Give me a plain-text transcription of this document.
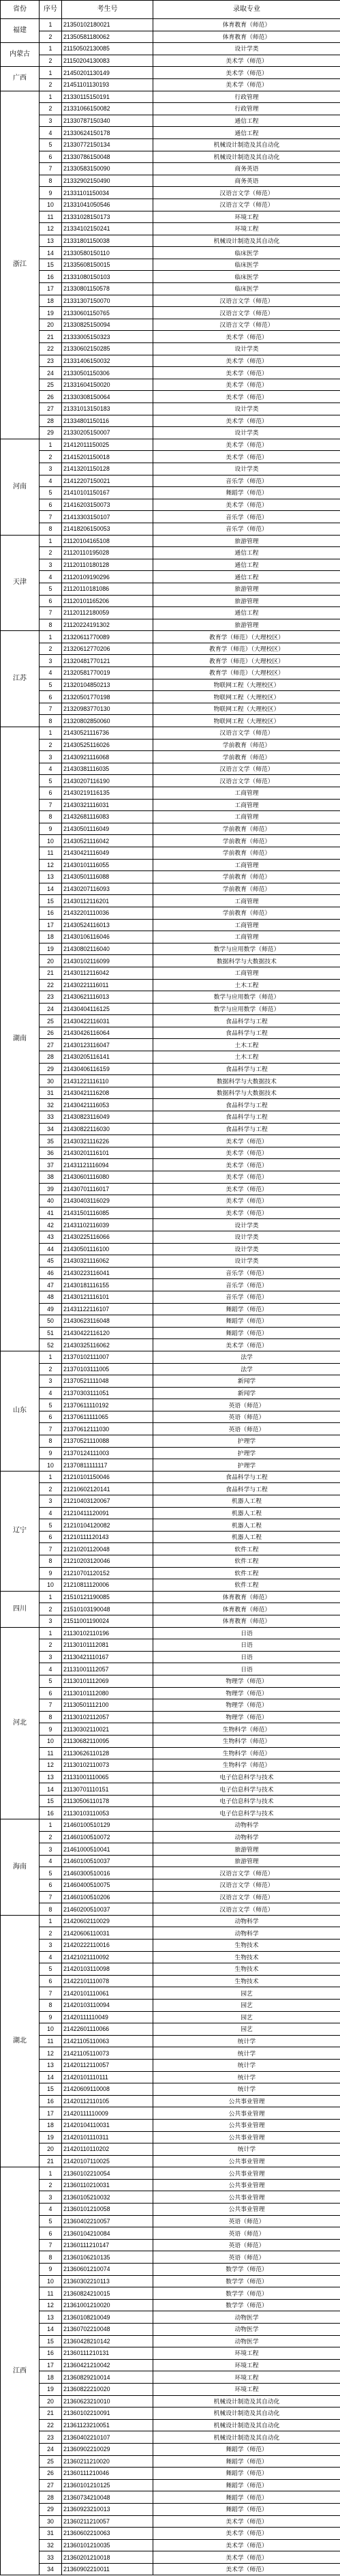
省份	序号	考生号	录取专业
福建	1	21350102180021	体育教育（师范）
	2	21350581180062	体育教育（师范）
内蒙古	1	21150502130085	设计学类
	2	21150204130083	美术学（师范）
广西	1	21450201130149	美术学（师范）
	2	21451101130193	美术学（师范）
浙江	1	21330115150191	行政管理
	2	21331066150082	行政管理
	3	21330787150340	通信工程
	4	21330624150178	通信工程
	5	21330772150134	机械设计制造及其自动化
	6	21330786150048	机械设计制造及其自动化
	7	21330583150090	商务英语
	8	21332902150490	商务英语
	9	21331101150034	汉语言文学（师范）
	10	21331041050546	汉语言文学（师范）
	11	21331028150173	环境工程
	12	21334102150241	环境工程
	13	21331801150038	机械设计制造及其自动化
	14	21330580150110	临床医学
	15	21335608150015	临床医学
	16	21331080150103	临床医学
	17	21330801150578	临床医学
	18	21331307150070	汉语言文学（师范）
	19	21330601150765	汉语言文学（师范）
	20	21330825150094	汉语言文学（师范）
	21	21333005150323	美术学（师范）
	22	21330602150285	设计学类
	23	21331406150032	美术学（师范）
	24	21330501150306	美术学（师范）
	25	21331604150020	美术学（师范）
	26	21330308150064	美术学（师范）
	27	21331013150183	设计学类
	28	21334801150116	美术学（师范）
	29	21330205150007	设计学类
河南	1	21412011150025	美术学（师范）
	2	21415201150018	美术学（师范）
	3	21413201150128	设计学类
	4	21412207150021	音乐学（师范）
	5	21410101150167	舞蹈学（师范）
	6	21416203150073	美术学（师范）
	7	21413303150107	音乐学（师范）
	8	21418206150053	音乐学（师范）
天津	1	21120104165108	旅游管理
	2	21120110195028	通信工程
	3	21120110180128	通信工程
	4	21120109190296	通信工程
	5	21120110181086	旅游管理
	6	21120101165206	旅游管理
	7	21120112180059	通信工程
	8	21120224191302	旅游管理
江苏	1	21320611770089	教育学（师范）（大理校区）
	2	21320612770206	教育学（师范）（大理校区）
	3	21320481770121	教育学（师范）（大理校区）
	4	21320581770019	教育学（师范）（大理校区）
	5	21320104850213	物联网工程（大理校区）
	6	21320501770198	物联网工程（大理校区）
	7	21320983770130	物联网工程（大理校区）
	8	21320802850060	物联网工程（大理校区）
湖南	1	21430521116736	汉语言文学（师范）
	2	21430525116026	学前教育（师范）
	3	21430921116068	学前教育（师范）
	4	21430381116035	汉语言文学（师范）
	5	21430207116190	汉语言文学（师范）
	6	21430219116135	工商管理
	7	21430321116031	工商管理
	8	21432681116083	工商管理
	9	21430501116049	学前教育（师范）
	10	21430521116042	学前教育（师范）
	11	21430421116049	学前教育（师范）
	12	21430101116055	工商管理
	13	21430501116088	学前教育（师范）
	14	21430207116093	学前教育（师范）
	15	21430112116201	工商管理
	16	21432201110036	学前教育（师范）
	17	21430524116013	工商管理
	18	21430106116046	工商管理
	19	21430802116040	数学与应用数学（师范）
	20	21430102116099	数据科学与大数据技术
	21	21430112116042	工商管理
	22	21430221116011	土木工程
	23	21430621116013	数学与应用数学（师范）
	24	21430404116125	数学与应用数学（师范）
	25	21430422116031	食品科学与工程
	26	21430426116064	食品科学与工程
	27	21430123116047	土木工程
	28	21430205116141	土木工程
	29	21430406116159	食品科学与工程
	30	21431221116110	数据科学与大数据技术
	31	21430421116208	数据科学与大数据技术
	32	21430421116053	食品科学与工程
	33	21430823116049	食品科学与工程
	34	21430822116030	食品科学与工程
	35	21430321116226	美术学（师范）
	36	21430201116101	美术学（师范）
	37	21431121116094	美术学（师范）
	38	21430601116080	美术学（师范）
	39	21430701116017	美术学（师范）
	40	21430403116029	美术学（师范）
	41	21431501116085	美术学（师范）
	42	21431102116039	设计学类
	43	21430225116066	设计学类
	44	21430501116100	设计学类
	45	21430321116062	设计学类
	46	21430223116041	音乐学（师范）
	47	21430181116155	音乐学（师范）
	48	21430121116101	音乐学（师范）
	49	21431122116107	舞蹈学（师范）
	50	21430623116048	舞蹈学（师范）
	51	21430422116120	舞蹈学（师范）
	52	21430325116062	美术学（师范）
山东	1	21370102111007	法学
	2	21370103111005	法学
	3	21370521111048	新闻学
	4	21370303111051	新闻学
	5	21370611110192	英语（师范）
	6	21370611111065	英语（师范）
	7	21370612111030	英语（师范）
	8	21370521110088	护理学
	9	21370124111003	护理学
	10	21370811111117	护理学
辽宁	1	21210101150046	食品科学与工程
	2	21210602120141	食品科学与工程
	3	21210403120067	机器人工程
	4	21210411120091	机器人工程
	5	21210104120082	机器人工程
	6	21210111120143	机器人工程
	7	21210201120048	软件工程
	8	21210203120046	软件工程
	9	21210701120152	软件工程
	10	21210811120006	软件工程
四川	1	21510121190085	体育教育（师范）
	2	21510103190048	体育教育（师范）
	3	21511001190024	体育教育（师范）
河北	1	21130102110196	日语
	2	21130101112081	日语
	3	21130421110167	日语
	4	21131001112057	日语
	5	21130101112069	物理学（师范）
	6	21130101112080	物理学（师范）
	7	21130501112100	物理学（师范）
	8	21130102112057	物理学（师范）
	9	21130302110021	生物科学（师范）
	10	21130682110095	生物科学（师范）
	11	21130626110128	生物科学（师范）
	12	21130102110073	生物科学（师范）
	13	21131001110065	电子信息科学与技术
	14	21130701110151	电子信息科学与技术
	15	21130506110178	电子信息科学与技术
	16	21130103110053	电子信息科学与技术
海南	1	21460100510129	动物科学
	2	21460100510072	动物科学
	3	21461000510041	旅游管理
	4	21460100510037	旅游管理
	5	21460300510016	汉语言文学（师范）
	6	21460400510075	汉语言文学（师范）
	7	21460100510206	汉语言文学（师范）
	8	21460200510037	汉语言文学（师范）
湖北	1	21420602110029	动物科学
	2	21420606110031	动物科学
	3	21420222110016	生物技术
	4	21421021110092	生物技术
	5	21420103110098	生物技术
	6	21422101110078	生物技术
	7	21420101110061	园艺
	8	21420103110094	园艺
	9	21420111110049	园艺
	10	21422601110066	园艺
	11	21421105110063	统计学
	12	21421105110073	统计学
	13	21420112110057	统计学
	14	21420101110111	统计学
	15	21420609110008	统计学
	16	21420112110105	公共事业管理
	17	21420111110009	公共事业管理
	18	21420104110031	公共事业管理
	19	21420101110311	公共事业管理
	20	21420110110202	统计学
	21	21420107110025	公共事业管理
江西	1	21360102210054	公共事业管理
	2	21360110210031	公共事业管理
	3	21360105210032	公共事业管理
	4	21360101210058	公共事业管理
	5	21360402210057	英语（师范）
	6	21360104210084	英语（师范）
	7	21360111210147	英语（师范）
	8	21360106210135	英语（师范）
	9	21360601210074	数学学（师范）
	10	21360302210113	数学学（师范）
	11	21360824210015	数学学（师范）
	12	21361001210020	数学学（师范）
	13	21360108210049	动物医学
	14	21360702210048	动物医学
	15	21360428210142	动物医学
	16	21360111210131	环境工程
	17	21360421210042	环境工程
	18	21360829210014	环境工程
	19	21360822210020	环境工程
	20	21360623210010	机械设计制造及其自动化
	21	21360102210091	机械设计制造及其自动化
	22	21361123210051	机械设计制造及其自动化
	23	21360402210107	机械设计制造及其自动化
	24	21360902210029	舞蹈学（师范）
	25	21360211210020	舞蹈学（师范）
	26	21360111210046	舞蹈学（师范）
	27	21360101210125	舞蹈学（师范）
	28	21360734210048	舞蹈学（师范）
	29	21360923210013	舞蹈学（师范）
	30	21360211210057	美术学（师范）
	31	21360602210063	美术学（师范）
	32	21360101210035	美术学（师范）
	33	21360201210018	美术学（师范）
	34	21360902210011	美术学（师范）
